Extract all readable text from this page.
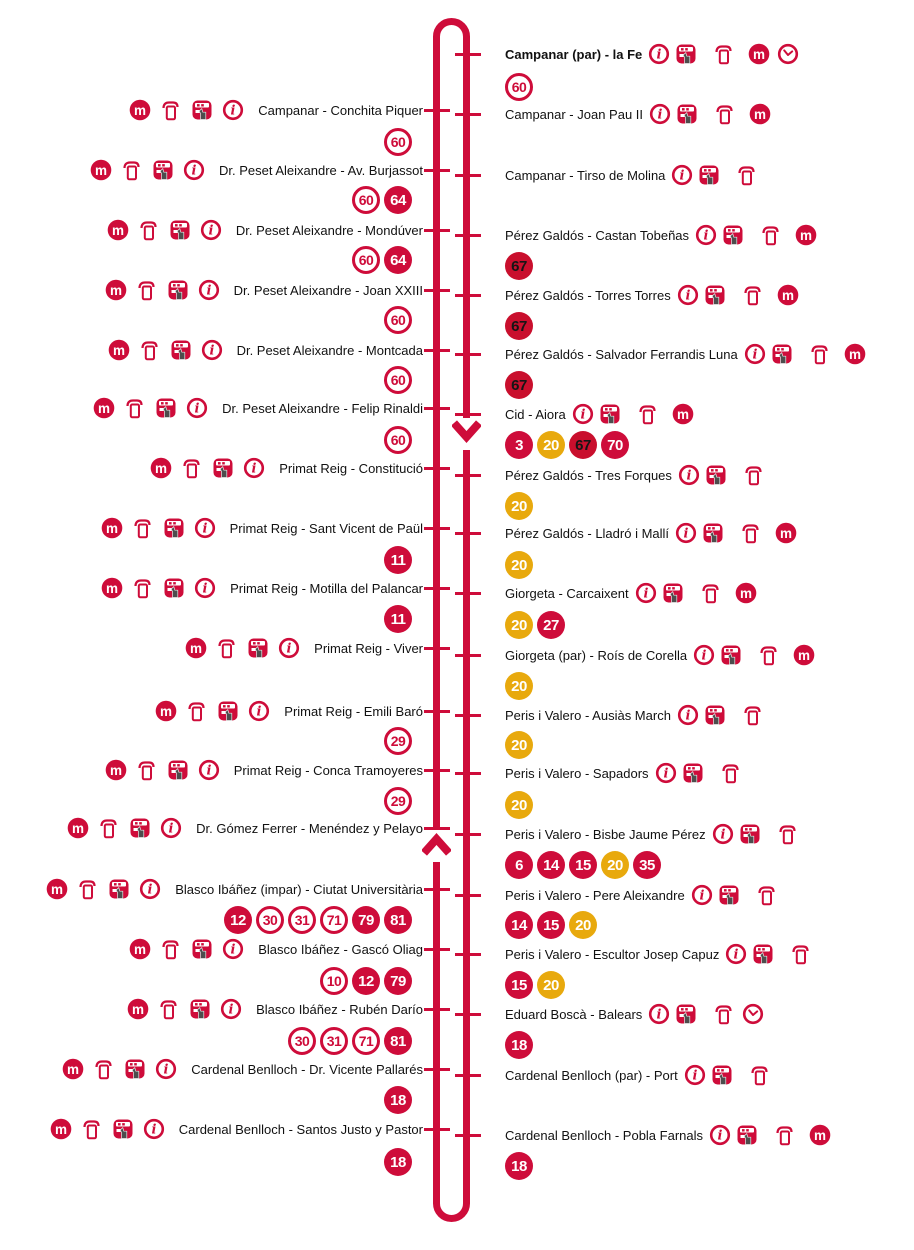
m	i Campanar - Conchita Piquer
60
m	i Dr. Peset Aleixandre - Av. Burjassot
60	64
m	i Dr. Peset Aleixandre - Mondúver
60	64
m	i Dr. Peset Aleixandre - Joan XXIII
60
m	i Dr. Peset Aleixandre - Montcada
60
m	i Dr. Peset Aleixandre - Felip Rinaldi
60
m	i Primat Reig - Constitució
m	i Primat Reig - Sant Vicent de Paül
11
m	i Primat Reig - Motilla del Palancar
11
m	i Primat Reig - Viver
m	i Primat Reig - Emili Baró
29
m	i Primat Reig - Conca Tramoyeres
29
m	i Dr. Gómez Ferrer - Menéndez y Pelayo
m	i Blasco Ibáñez (impar) - Ciutat Universitària
12	30	31	71	79	81
m	i Blasco Ibáñez - Gascó Oliag
10	12	79
m	i Blasco Ibáñez - Rubén Darío
30	31	71	81
m	i Cardenal Benlloch - Dr. Vicente Pallarés
18
m	i Cardenal Benlloch - Santos Justo y Pastor
18
Campanar (par) - la Fe i	m
60
Campanar - Joan Pau II i	m
Campanar - Tirso de Molina i
Pérez Galdós - Castan Tobeñas i	m
67
Pérez Galdós - Torres Torres i	m
67
Pérez Galdós - Salvador Ferrandis Luna i	m
67
Cid - Aiora i	m
3	20	67	70
Pérez Galdós - Tres Forques i
20
Pérez Galdós - Lladró i Mallí i	m
20
Giorgeta - Carcaixent i	m
20	27
Giorgeta (par) - Roís de Corella i	m
20
Peris i Valero - Ausiàs March i
20
Peris i Valero - Sapadors i
20
Peris i Valero - Bisbe Jaume Pérez i
6	14	15	20	35
Peris i Valero - Pere Aleixandre i
14	15	20
Peris i Valero - Escultor Josep Capuz i
15	20
Eduard Boscà - Balears i
18
Cardenal Benlloch (par) - Port i
Cardenal Benlloch - Pobla Farnals i	m
18
